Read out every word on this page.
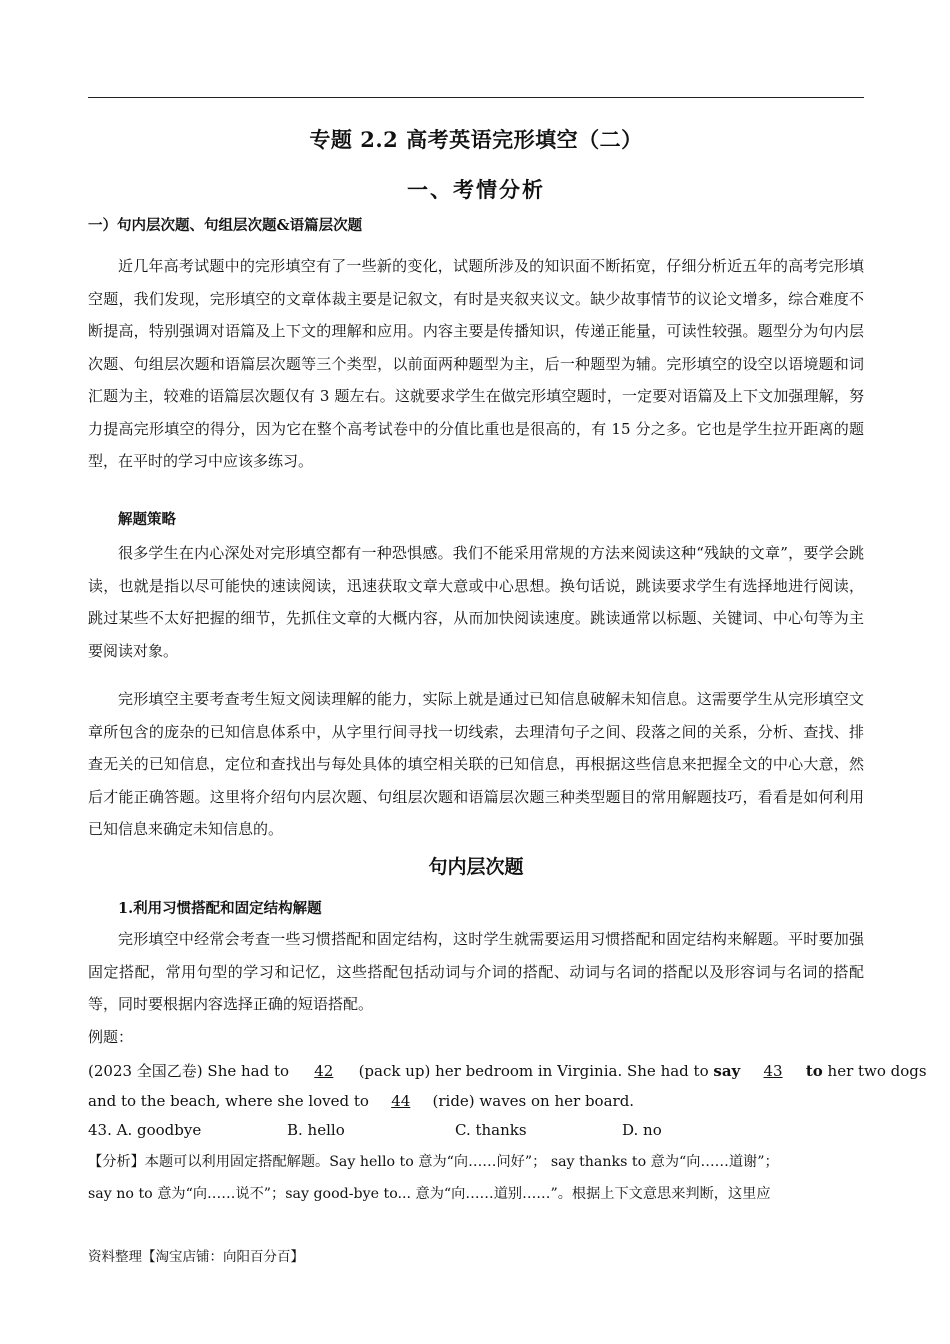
专题 2.2 高考英语完形填空（二）
一、考情分析
一）句内层次题、句组层次题&语篇层次题

近几年高考试题中的完形填空有了一些新的变化，试题所涉及的知识面不断拓宽，仔细分析近五年的高考完形填空题，我们发现，完形填空的文章体裁主要是记叙文，有时是夹叙夹议文。缺少故事情节的议论文增多，综合难度不断提高，特别强调对语篇及上下文的理解和应用。内容主要是传播知识，传递正能量，可读性较强。题型分为句内层次题、句组层次题和语篇层次题等三个类型，以前面两种题型为主，后一种题型为辅。完形填空的设空以语境题和词汇题为主，较难的语篇层次题仅有 3 题左右。这就要求学生在做完形填空题时，一定要对语篇及上下文加强理解，努力提高完形填空的得分，因为它在整个高考试卷中的分值比重也是很高的，有 15 分之多。它也是学生拉开距离的题型，在平时的学习中应该多练习。

解题策略

很多学生在内心深处对完形填空都有一种恐惧感。我们不能采用常规的方法来阅读这种“残缺的文章”，要学会跳读，也就是指以尽可能快的速读阅读，迅速获取文章大意或中心思想。换句话说，跳读要求学生有选择地进行阅读，跳过某些不太好把握的细节，先抓住文章的大概内容，从而加快阅读速度。跳读通常以标题、关键词、中心句等为主要阅读对象。

完形填空主要考查考生短文阅读理解的能力，实际上就是通过已知信息破解未知信息。这需要学生从完形填空文章所包含的庞杂的已知信息体系中，从字里行间寻找一切线索，去理清句子之间、段落之间的关系，分析、查找、排查无关的已知信息，定位和查找出与每处具体的填空相关联的已知信息，再根据这些信息来把握全文的中心大意，然后才能正确答题。这里将介绍句内层次题、句组层次题和语篇层次题三种类型题目的常用解题技巧，看看是如何利用已知信息来确定未知信息的。

句内层次题
1.利用习惯搭配和固定结构解题

完形填空中经常会考查一些习惯搭配和固定结构，这时学生就需要运用习惯搭配和固定结构来解题。平时要加强固定搭配，常用句型的学习和记忆，这些搭配包括动词与介词的搭配、动词与名词的搭配以及形容词与名词的搭配等，同时要根据内容选择正确的短语搭配。

例题：
(2023 全国乙卷) She had to 42 (pack up) her bedroom in Virginia. She had to say 43 to her two dogs
and to the beach, where she loved to 44 (ride) waves on her board.
43. A. goodbye	B. hello	C. thanks	D. no
【分析】本题可以利用固定搭配解题。Say hello to 意为“向……问好”； say thanks to 意为“向……道谢”；
say no to 意为“向……说不”；say good-bye to... 意为“向……道别……”。根据上下文意思来判断，这里应
资料整理【淘宝店铺：向阳百分百】
